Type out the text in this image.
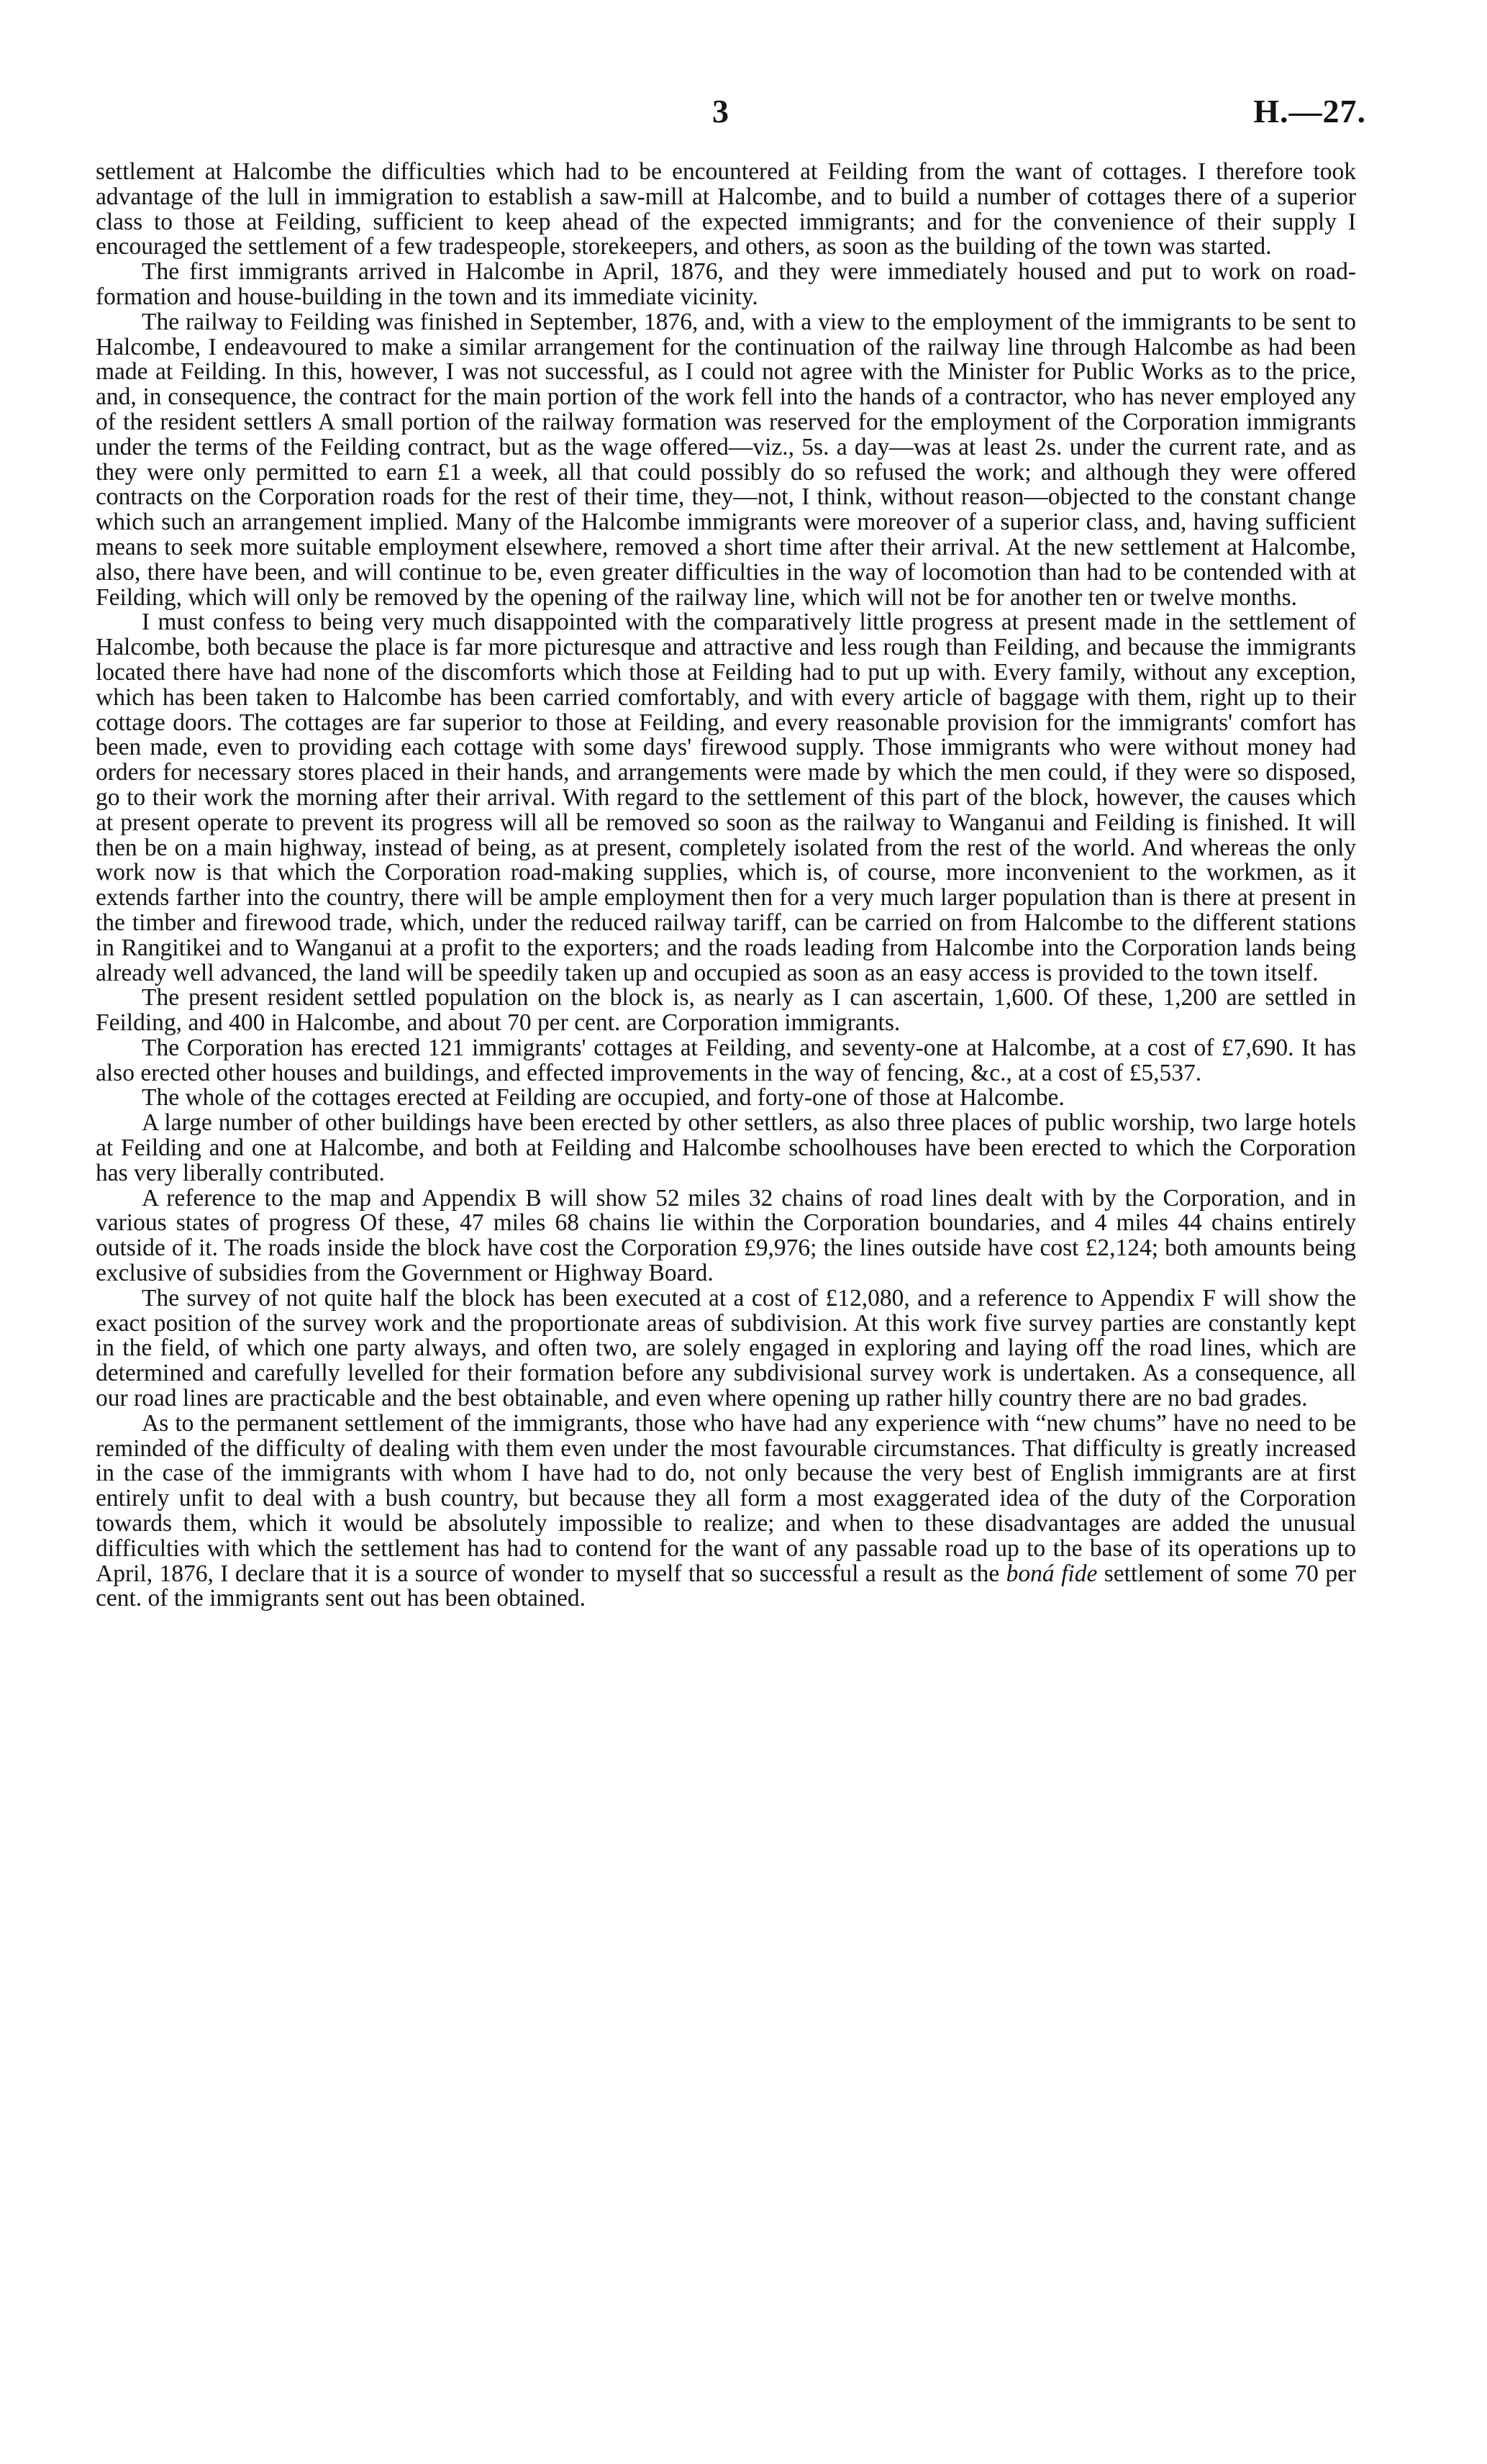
3	H.—27.

settlement at Halcombe the difficulties which had to be encountered at Feilding from the want of cottages. I therefore took advantage of the lull in immigration to establish a saw-mill at Halcombe, and to build a number of cottages there of a superior class to those at Feilding, sufficient to keep ahead of the expected immigrants; and for the convenience of their supply I encouraged the settlement of a few tradespeople, storekeepers, and others, as soon as the building of the town was started.

The first immigrants arrived in Halcombe in April, 1876, and they were immediately housed and put to work on road-formation and house-building in the town and its immediate vicinity.

The railway to Feilding was finished in September, 1876, and, with a view to the employment of the immigrants to be sent to Halcombe, I endeavoured to make a similar arrangement for the continuation of the railway line through Halcombe as had been made at Feilding. In this, however, I was not successful, as I could not agree with the Minister for Public Works as to the price, and, in consequence, the contract for the main portion of the work fell into the hands of a contractor, who has never employed any of the resident settlers A small portion of the railway formation was reserved for the employment of the Corporation immigrants under the terms of the Feilding contract, but as the wage offered—viz., 5s. a day—was at least 2s. under the current rate, and as they were only permitted to earn £1 a week, all that could possibly do so refused the work; and although they were offered contracts on the Corporation roads for the rest of their time, they—not, I think, without reason—objected to the constant change which such an arrangement implied. Many of the Halcombe immigrants were moreover of a superior class, and, having sufficient means to seek more suitable employment elsewhere, removed a short time after their arrival. At the new settlement at Halcombe, also, there have been, and will continue to be, even greater difficulties in the way of locomotion than had to be contended with at Feilding, which will only be removed by the opening of the railway line, which will not be for another ten or twelve months.

I must confess to being very much disappointed with the comparatively little progress at present made in the settlement of Halcombe, both because the place is far more picturesque and attractive and less rough than Feilding, and because the immigrants located there have had none of the discomforts which those at Feilding had to put up with. Every family, without any exception, which has been taken to Halcombe has been carried comfortably, and with every article of baggage with them, right up to their cottage doors. The cottages are far superior to those at Feilding, and every reasonable provision for the immigrants' comfort has been made, even to providing each cottage with some days' firewood supply. Those immigrants who were without money had orders for necessary stores placed in their hands, and arrangements were made by which the men could, if they were so disposed, go to their work the morning after their arrival. With regard to the settlement of this part of the block, however, the causes which at present operate to prevent its progress will all be removed so soon as the railway to Wanganui and Feilding is finished. It will then be on a main highway, instead of being, as at present, completely isolated from the rest of the world. And whereas the only work now is that which the Corporation road-making supplies, which is, of course, more inconvenient to the workmen, as it extends farther into the country, there will be ample employment then for a very much larger population than is there at present in the timber and firewood trade, which, under the reduced railway tariff, can be carried on from Halcombe to the different stations in Rangitikei and to Wanganui at a profit to the exporters; and the roads leading from Halcombe into the Corporation lands being already well advanced, the land will be speedily taken up and occupied as soon as an easy access is provided to the town itself.

The present resident settled population on the block is, as nearly as I can ascertain, 1,600. Of these, 1,200 are settled in Feilding, and 400 in Halcombe, and about 70 per cent. are Corporation immigrants.

The Corporation has erected 121 immigrants' cottages at Feilding, and seventy-one at Halcombe, at a cost of £7,690. It has also erected other houses and buildings, and effected improvements in the way of fencing, &c., at a cost of £5,537.

The whole of the cottages erected at Feilding are occupied, and forty-one of those at Halcombe.

A large number of other buildings have been erected by other settlers, as also three places of public worship, two large hotels at Feilding and one at Halcombe, and both at Feilding and Halcombe schoolhouses have been erected to which the Corporation has very liberally contributed.

A reference to the map and Appendix B will show 52 miles 32 chains of road lines dealt with by the Corporation, and in various states of progress Of these, 47 miles 68 chains lie within the Corporation boundaries, and 4 miles 44 chains entirely outside of it. The roads inside the block have cost the Corporation £9,976; the lines outside have cost £2,124; both amounts being exclusive of subsidies from the Government or Highway Board.

The survey of not quite half the block has been executed at a cost of £12,080, and a reference to Appendix F will show the exact position of the survey work and the proportionate areas of subdivision. At this work five survey parties are constantly kept in the field, of which one party always, and often two, are solely engaged in exploring and laying off the road lines, which are determined and carefully levelled for their formation before any subdivisional survey work is undertaken. As a consequence, all our road lines are practicable and the best obtainable, and even where opening up rather hilly country there are no bad grades.

As to the permanent settlement of the immigrants, those who have had any experience with “new chums” have no need to be reminded of the difficulty of dealing with them even under the most favourable circumstances. That difficulty is greatly increased in the case of the immigrants with whom I have had to do, not only because the very best of English immigrants are at first entirely unfit to deal with a bush country, but because they all form a most exaggerated idea of the duty of the Corporation towards them, which it would be absolutely impossible to realize; and when to these disadvantages are added the unusual difficulties with which the settlement has had to contend for the want of any passable road up to the base of its operations up to April, 1876, I declare that it is a source of wonder to myself that so successful a result as the boná fide settlement of some 70 per cent. of the immigrants sent out has been obtained.
